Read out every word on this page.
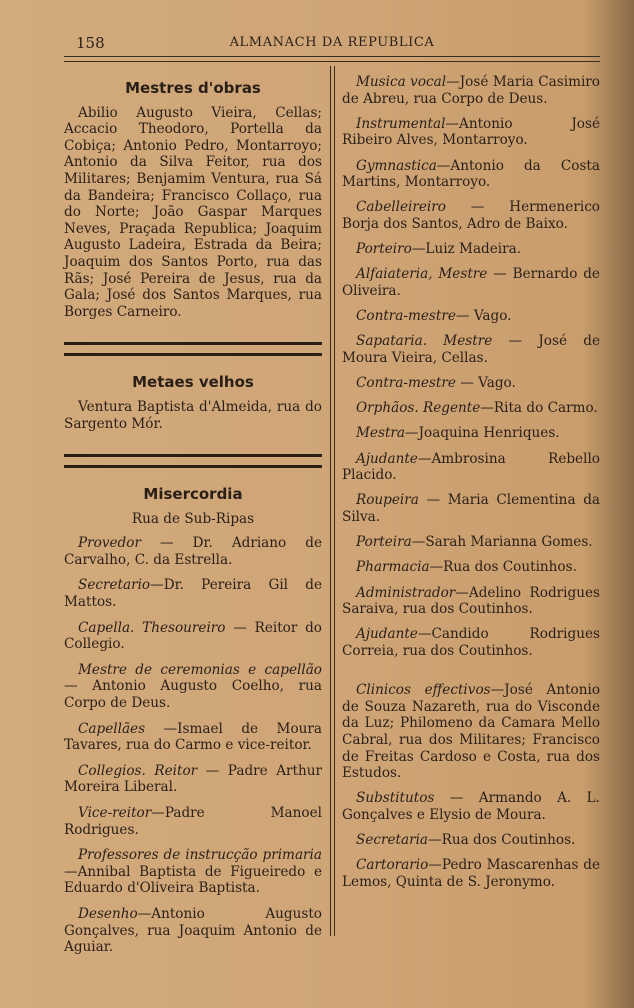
158	ALMANACH DA REPUBLICA
Mestres d'obras

Abilio Augusto Vieira, Cellas; Accacio Theodoro, Portella da Cobiça; Antonio Pedro, Montarroyo; Antonio da Silva Feitor, rua dos Militares; Benjamim Ventura, rua Sá da Bandeira; Francisco Collaço, rua do Norte; João Gaspar Marques Neves, Praçada Republica; Joaquim Augusto Ladeira, Estrada da Beira; Joaquim dos Santos Porto, rua das Rãs; José Pereira de Jesus, rua da Gala; José dos Santos Marques, rua Borges Carneiro.

Metaes velhos

Ventura Baptista d'Almeida, rua do Sargento Mór.

Misercordia

Rua de Sub-Ripas

Provedor — Dr. Adriano de Carvalho, C. da Estrella.

Secretario—Dr. Pereira Gil de Mattos.

Capella. Thesoureiro — Reitor do Collegio.

Mestre de ceremonias e capellão — Antonio Augusto Coelho, rua Corpo de Deus.

Capellães —Ismael de Moura Tavares, rua do Carmo e vice-reitor.

Collegios. Reitor — Padre Arthur Moreira Liberal.

Vice-reitor—Padre Manoel Rodrigues.

Professores de instrucção primaria —Annibal Baptista de Figueiredo e Eduardo d'Oliveira Baptista.

Desenho—Antonio Augusto Gonçalves, rua Joaquim Antonio de Aguiar.

Musica vocal—José Maria Casimiro de Abreu, rua Corpo de Deus.

Instrumental—Antonio José Ribeiro Alves, Montarroyo.

Gymnastica—Antonio da Costa Martins, Montarroyo.

Cabelleireiro — Hermenerico Borja dos Santos, Adro de Baixo.

Porteiro—Luiz Madeira.

Alfaiateria, Mestre — Bernardo de Oliveira.

Contra-mestre— Vago.

Sapataria. Mestre — José de Moura Vieira, Cellas.

Contra-mestre — Vago.

Orphãos. Regente—Rita do Carmo.

Mestra—Joaquina Henriques.

Ajudante—Ambrosina Rebello Placido.

Roupeira — Maria Clementina da Silva.

Porteira—Sarah Marianna Gomes.

Pharmacia—Rua dos Coutinhos.

Administrador—Adelino Rodrigues Saraiva, rua dos Coutinhos.

Ajudante—Candido Rodrigues Correia, rua dos Coutinhos.

Clinicos effectivos—José Antonio de Souza Nazareth, rua do Visconde da Luz; Philomeno da Camara Mello Cabral, rua dos Militares; Francisco de Freitas Cardoso e Costa, rua dos Estudos.

Substitutos — Armando A. L. Gonçalves e Elysio de Moura.

Secretaria—Rua dos Coutinhos.

Cartorario—Pedro Mascarenhas de Lemos, Quinta de S. Jeronymo.
